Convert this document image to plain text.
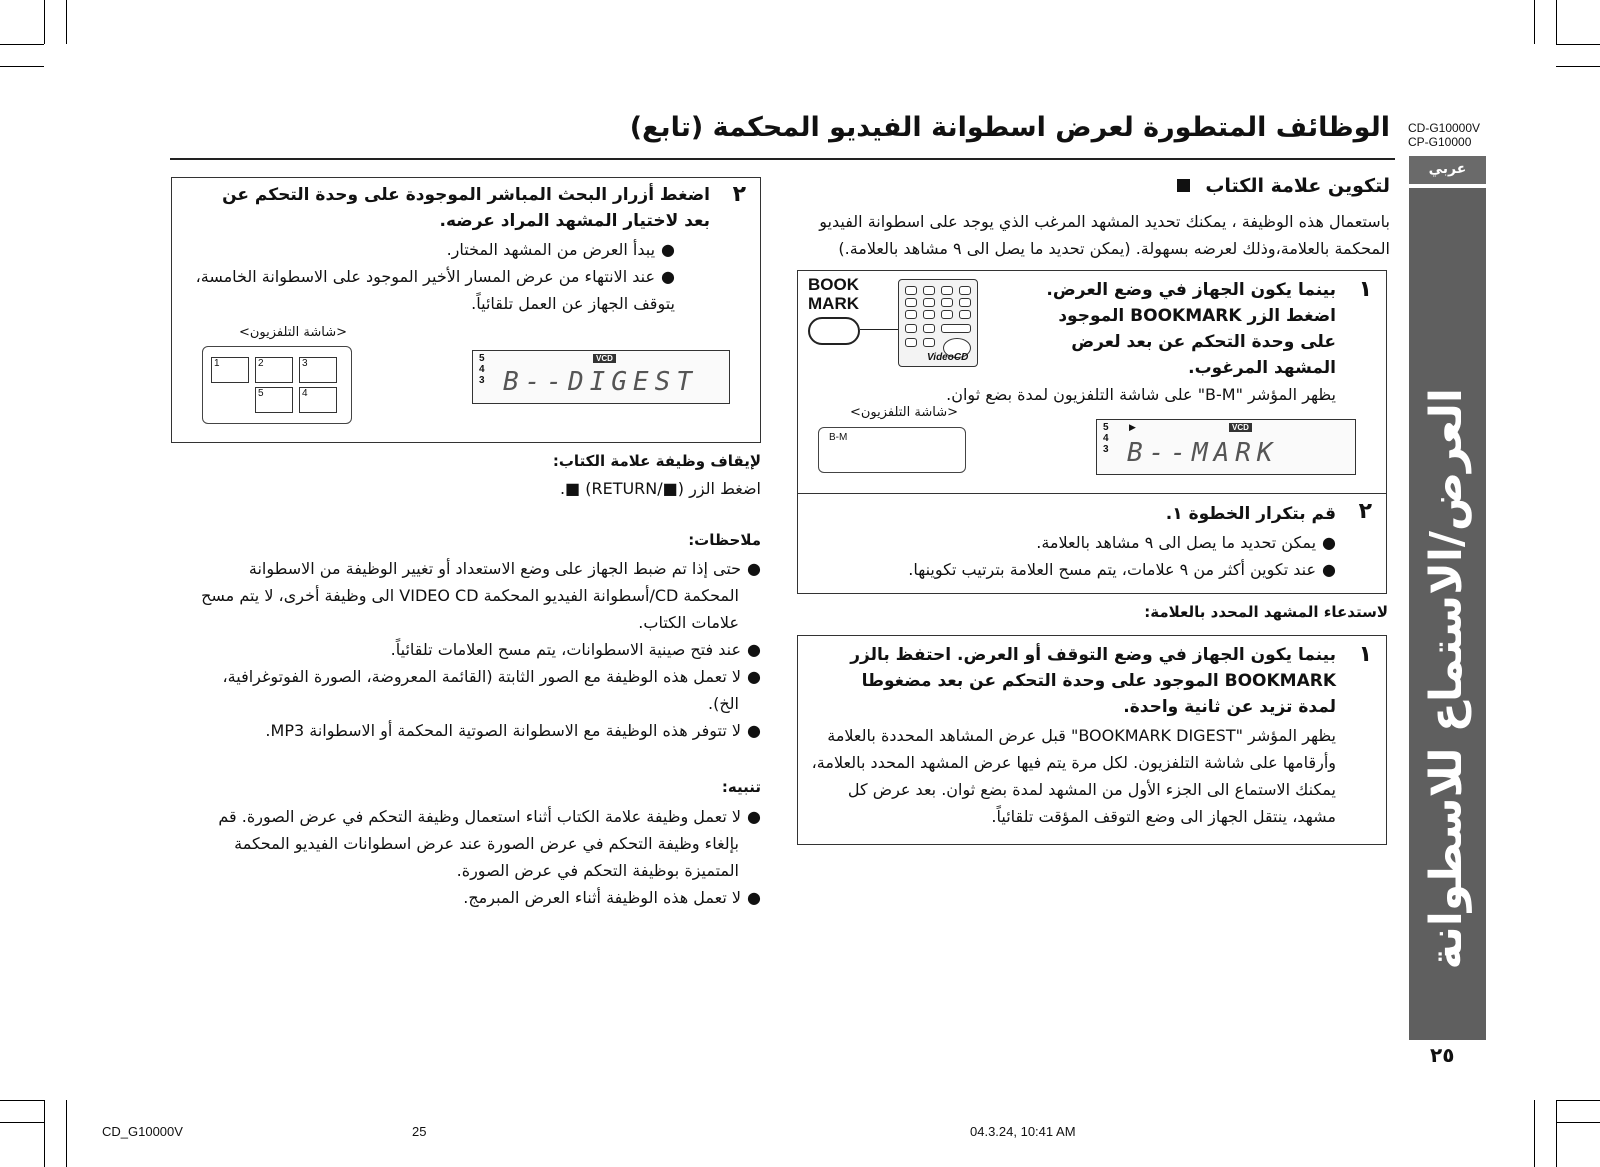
الوظائف المتطورة لعرض اسطوانة الفيديو المحكمة (تابع) CD-G10000V
CP-G10000
عربي
العرض/الاستماع للاسطوانة
٢٥
لتكوين علامة الكتاب
باستعمال هذه الوظيفة ، يمكنك تحديد المشهد المرغب الذي يوجد على اسطوانة الفيديو
المحكمة بالعلامة،وذلك لعرضه بسهولة. (يمكن تحديد ما يصل الى ٩ مشاهد بالعلامة.)
١
بينما يكون الجهاز في وضع العرض.
اضغط الزر BOOKMARK الموجود
على وحدة التحكم عن بعد لعرض
المشهد المرغوب.
يظهر المؤشر "B-M" على شاشة التلفزيون لمدة بضع ثوان.
BOOK
MARK
VideoCD
<شاشة التلفزيون>
B-M
5
4
3
▶	VCD
B--MARK
٢
قم بتكرار الخطوة ١.
● يمكن تحديد ما يصل الى ٩ مشاهد بالعلامة.
● عند تكوين أكثر من ٩ علامات، يتم مسح العلامة بترتيب تكوينها.
لاستدعاء المشهد المحدد بالعلامة:
١
بينما يكون الجهاز في وضع التوقف أو العرض. احتفظ بالزر
BOOKMARK الموجود على وحدة التحكم عن بعد مضغوطا
لمدة تزيد عن ثانية واحدة.
يظهر المؤشر "BOOKMARK DIGEST" قبل عرض المشاهد المحددة بالعلامة
وأرقامها على شاشة التلفزيون. لكل مرة يتم فيها عرض المشهد المحدد بالعلامة،
يمكنك الاستماع الى الجزء الأول من المشهد لمدة بضع ثوان. بعد عرض كل
مشهد، ينتقل الجهاز الى وضع التوقف المؤقت تلقائياً.
٢
اضغط أزرار البحث المباشر الموجودة على وحدة التحكم عن
بعد لاختيار المشهد المراد عرضه.
● يبدأ العرض من المشهد المختار.
● عند الانتهاء من عرض المسار الأخير الموجود على الاسطوانة الخامسة،
يتوقف الجهاز عن العمل تلقائياً.
<شاشة التلفزيون>
1	2	3
5	4
5
4
3
VCD
B--DIGEST
لإيقاف وظيفة علامة الكتاب:
اضغط الزر (■/RETURN) ■.
ملاحظات:
● حتى إذا تم ضبط الجهاز على وضع الاستعداد أو تغيير الوظيفة من الاسطوانة
المحكمة CD/أسطوانة الفيديو المحكمة VIDEO CD الى وظيفة أخرى، لا يتم مسح
علامات الكتاب.
● عند فتح صينية الاسطوانات، يتم مسح العلامات تلقائياً.
● لا تعمل هذه الوظيفة مع الصور الثابتة (القائمة المعروضة، الصورة الفوتوغرافية،
الخ).
● لا تتوفر هذه الوظيفة مع الاسطوانة الصوتية المحكمة أو الاسطوانة MP3.
تنبيه:
● لا تعمل وظيفة علامة الكتاب أثناء استعمال وظيفة التحكم في عرض الصورة. قم
بإلغاء وظيفة التحكم في عرض الصورة عند عرض اسطوانات الفيديو المحكمة
المتميزة بوظيفة التحكم في عرض الصورة.
● لا تعمل هذه الوظيفة أثناء العرض المبرمج.
CD_G10000V	25	04.3.24, 10:41 AM
